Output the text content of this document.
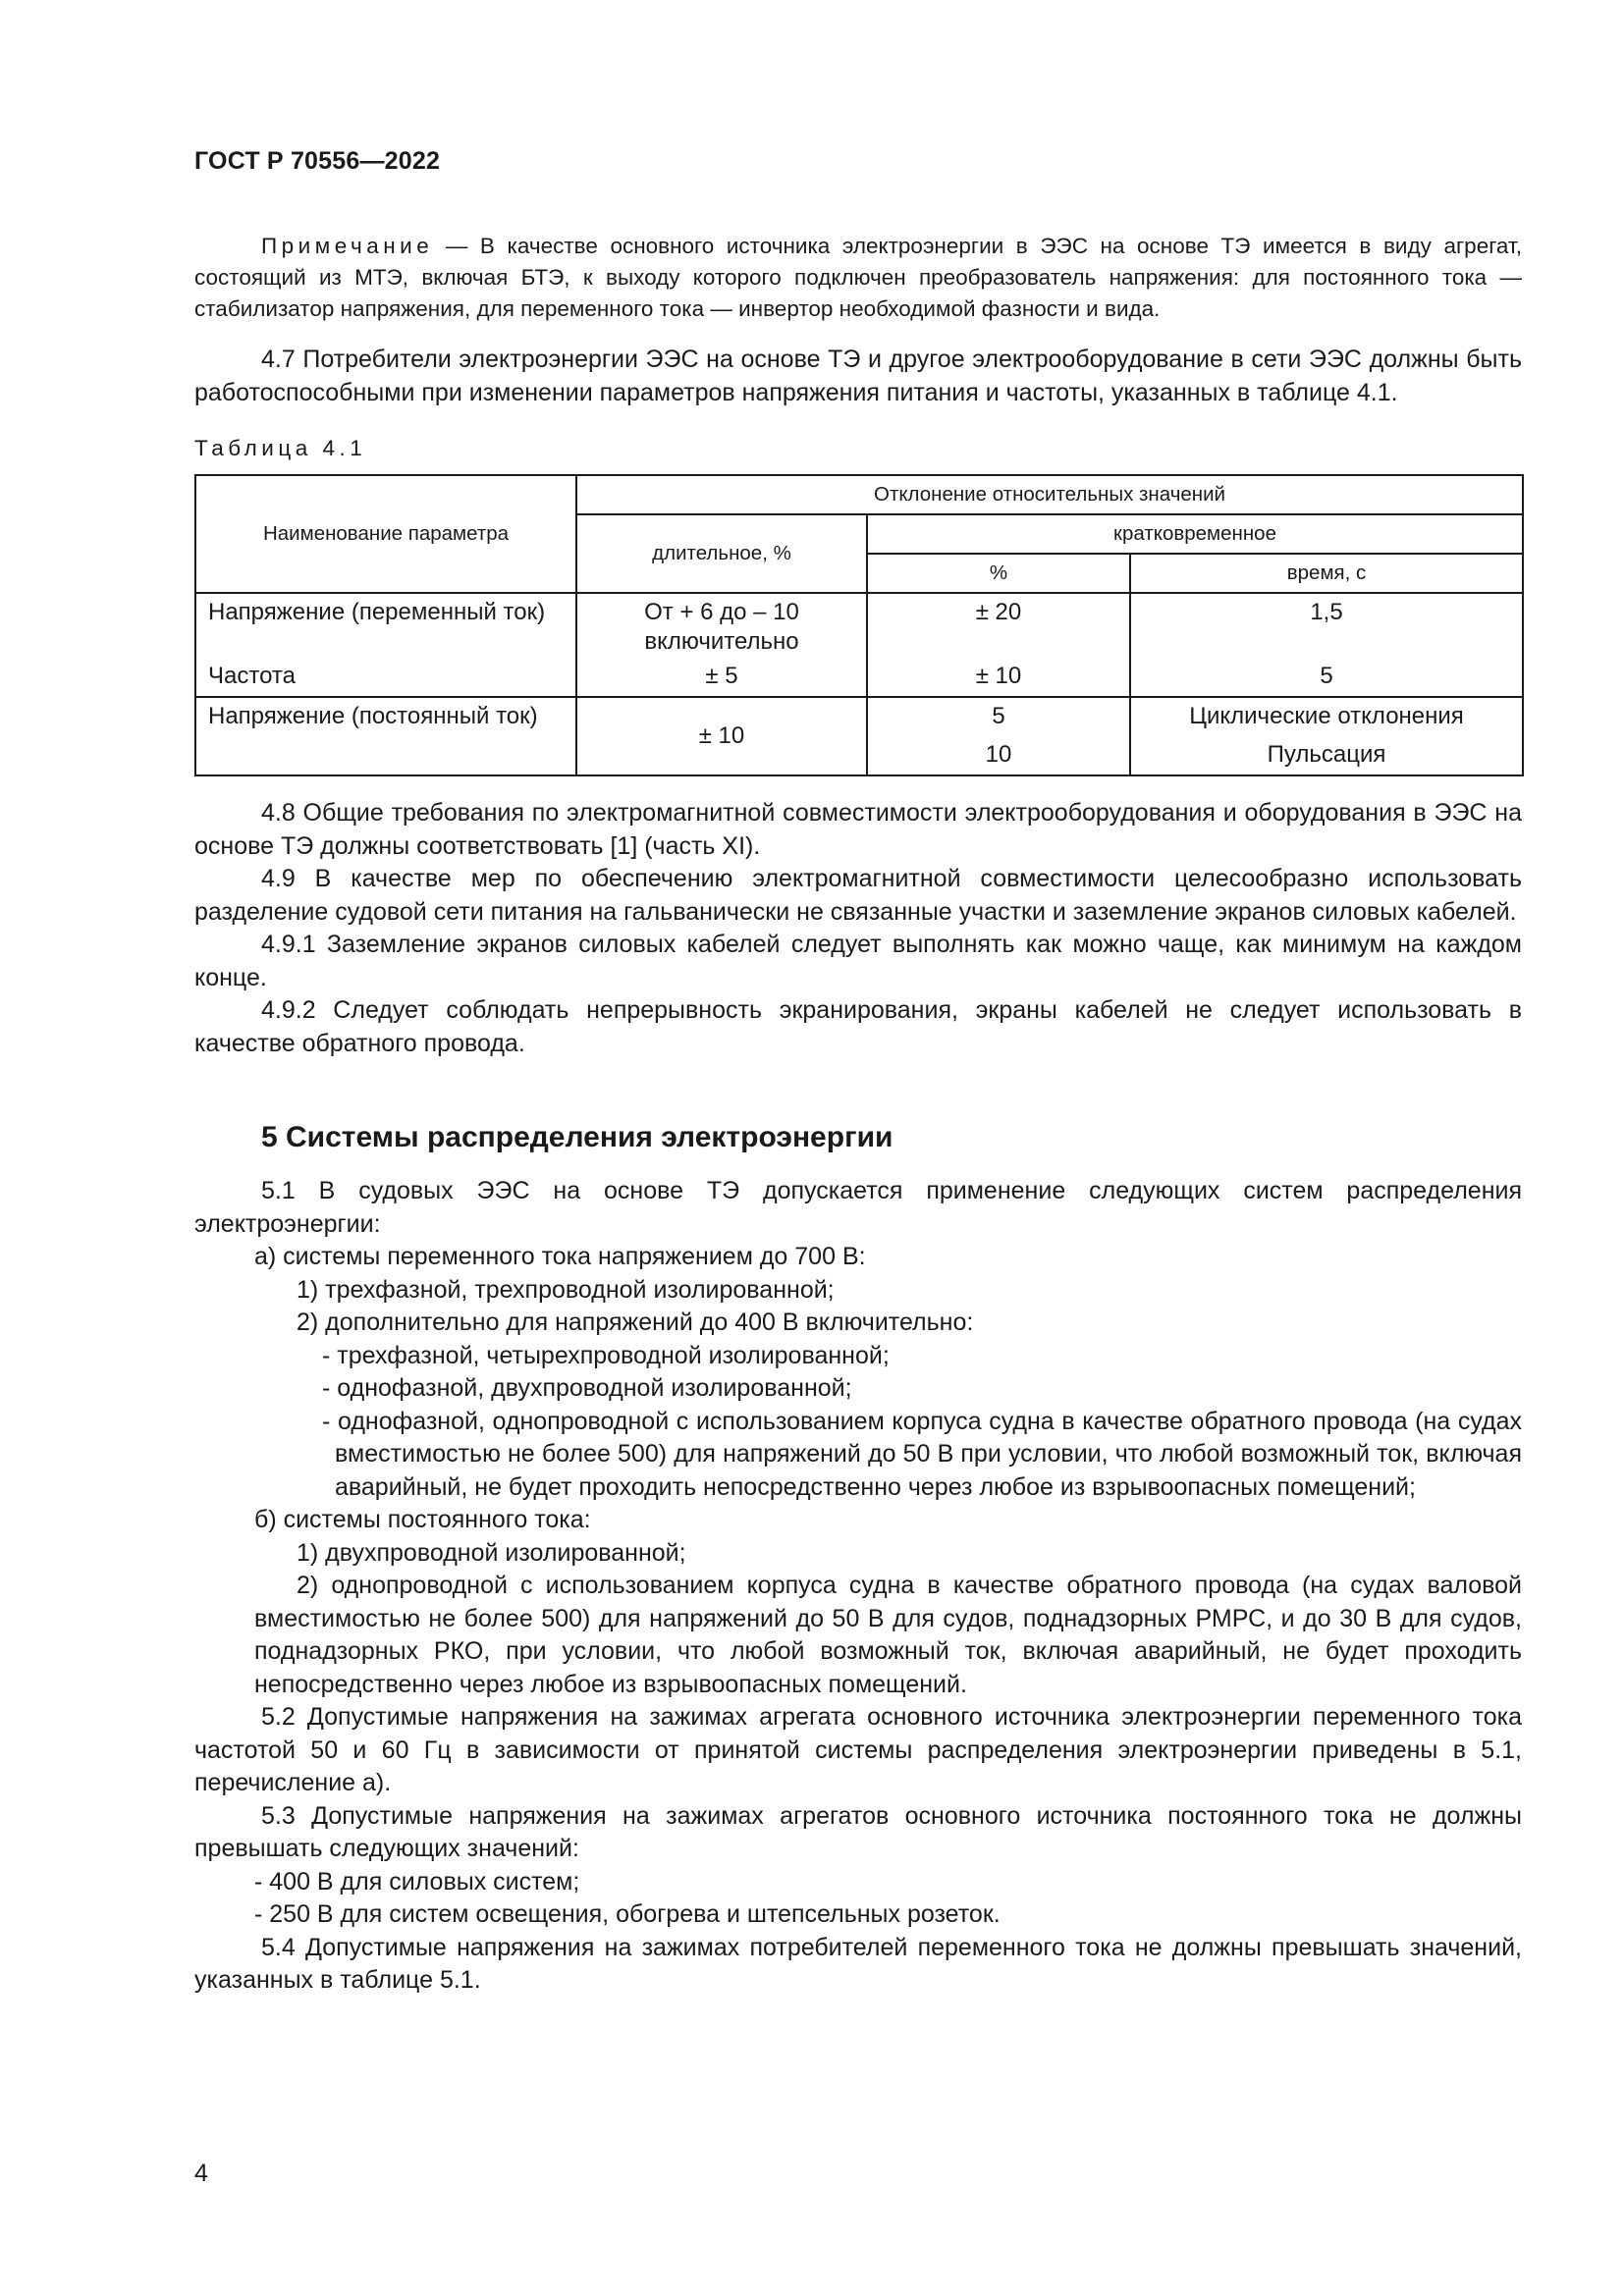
ГОСТ Р 70556—2022

Примечание — В качестве основного источника электроэнергии в ЭЭС на основе ТЭ имеется в виду агрегат, состоящий из МТЭ, включая БТЭ, к выходу которого подключен преобразователь напряжения: для постоянного тока — стабилизатор напряжения, для переменного тока — инвертор необходимой фазности и вида.

4.7 Потребители электроэнергии ЭЭС на основе ТЭ и другое электрооборудование в сети ЭЭС должны быть работоспособными при изменении параметров напряжения питания и частоты, указанных в таблице 4.1.

Таблица 4.1
Наименование параметра	Отклонение относительных значений		
	длительное, %	кратковременное	
		%	время, с
Напряжение (переменный ток)	От + 6 до – 10 включительно	± 20	1,5
Частота	± 5	± 10	5
Напряжение (постоянный ток)	± 10	5	Циклические отклонения
		10	Пульсация

4.8 Общие требования по электромагнитной совместимости электрооборудования и оборудования в ЭЭС на основе ТЭ должны соответствовать [1] (часть XI).

4.9 В качестве мер по обеспечению электромагнитной совместимости целесообразно использовать разделение судовой сети питания на гальванически не связанные участки и заземление экранов силовых кабелей.

4.9.1 Заземление экранов силовых кабелей следует выполнять как можно чаще, как минимум на каждом конце.

4.9.2 Следует соблюдать непрерывность экранирования, экраны кабелей не следует использовать в качестве обратного провода.

5 Системы распределения электроэнергии

5.1 В судовых ЭЭС на основе ТЭ допускается применение следующих систем распределения электроэнергии:

а) системы переменного тока напряжением до 700 В:

1) трехфазной, трехпроводной изолированной;

2) дополнительно для напряжений до 400 В включительно:

- трехфазной, четырехпроводной изолированной;

- однофазной, двухпроводной изолированной;

- однофазной, однопроводной с использованием корпуса судна в качестве обратного провода (на судах вместимостью не более 500) для напряжений до 50 В при условии, что любой возможный ток, включая аварийный, не будет проходить непосредственно через любое из взрывоопасных помещений;

б) системы постоянного тока:

1) двухпроводной изолированной;

2) однопроводной с использованием корпуса судна в качестве обратного провода (на судах валовой вместимостью не более 500) для напряжений до 50 В для судов, поднадзорных РМРС, и до 30 В для судов, поднадзорных РКО, при условии, что любой возможный ток, включая аварийный, не будет проходить непосредственно через любое из взрывоопасных помещений.

5.2 Допустимые напряжения на зажимах агрегата основного источника электроэнергии переменного тока частотой 50 и 60 Гц в зависимости от принятой системы распределения электроэнергии приведены в 5.1, перечисление а).

5.3 Допустимые напряжения на зажимах агрегатов основного источника постоянного тока не должны превышать следующих значений:

- 400 В для силовых систем;

- 250 В для систем освещения, обогрева и штепсельных розеток.

5.4 Допустимые напряжения на зажимах потребителей переменного тока не должны превышать значений, указанных в таблице 5.1.

4
